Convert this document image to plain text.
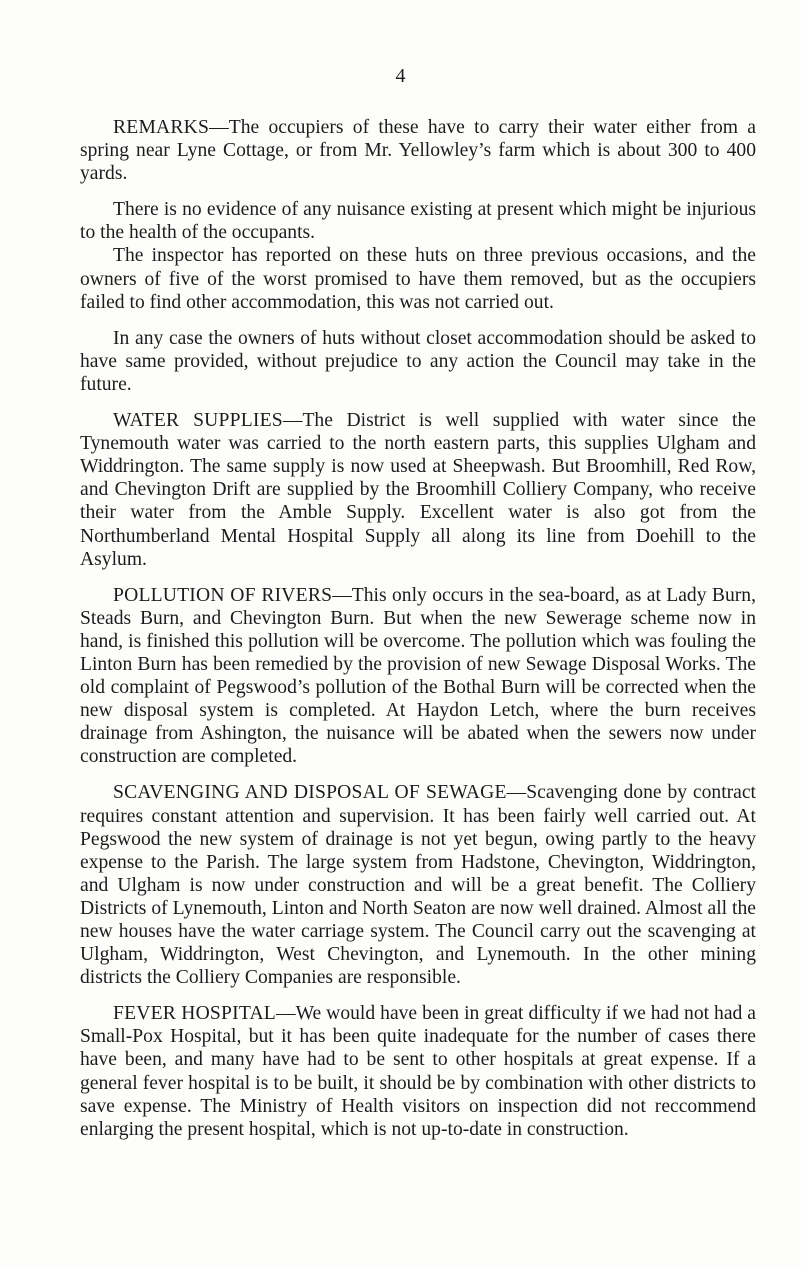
4

REMARKS—The occupiers of these have to carry their water either from a spring near Lyne Cottage, or from Mr. Yellowley’s farm which is about 300 to 400 yards.

There is no evidence of any nuisance existing at present which might be injurious to the health of the occupants.

The inspector has reported on these huts on three previous occasions, and the owners of five of the worst promised to have them removed, but as the occupiers failed to find other accommodation, this was not carried out.

In any case the owners of huts without closet accommodation should be asked to have same provided, without prejudice to any action the Council may take in the future.

WATER SUPPLIES—The District is well supplied with water since the Tynemouth water was carried to the north eastern parts, this supplies Ulgham and Widdrington. The same supply is now used at Sheepwash. But Broomhill, Red Row, and Chevington Drift are supplied by the Broomhill Colliery Company, who receive their water from the Amble Supply. Excellent water is also got from the Northumberland Mental Hospital Supply all along its line from Doehill to the Asylum.

POLLUTION OF RIVERS—This only occurs in the sea-board, as at Lady Burn, Steads Burn, and Chevington Burn. But when the new Sewerage scheme now in hand, is finished this pollution will be overcome. The pollution which was fouling the Linton Burn has been remedied by the provision of new Sewage Disposal Works. The old complaint of Pegswood’s pollution of the Bothal Burn will be corrected when the new disposal system is completed. At Haydon Letch, where the burn receives drainage from Ashington, the nuisance will be abated when the sewers now under construction are completed.

SCAVENGING AND DISPOSAL OF SEWAGE—Scavenging done by contract requires constant attention and supervision. It has been fairly well carried out. At Pegswood the new system of drainage is not yet begun, owing partly to the heavy expense to the Parish. The large system from Hadstone, Chevington, Widdrington, and Ulgham is now under construction and will be a great benefit. The Colliery Districts of Lynemouth, Linton and North Seaton are now well drained. Almost all the new houses have the water carriage system. The Council carry out the scavenging at Ulgham, Widdrington, West Chevington, and Lynemouth. In the other mining districts the Colliery Companies are responsible.

FEVER HOSPITAL—We would have been in great difficulty if we had not had a Small-Pox Hospital, but it has been quite inadequate for the number of cases there have been, and many have had to be sent to other hospitals at great expense. If a general fever hospital is to be built, it should be by combination with other districts to save expense. The Ministry of Health visitors on inspection did not reccommend enlarging the present hospital, which is not up-to-date in construction.
